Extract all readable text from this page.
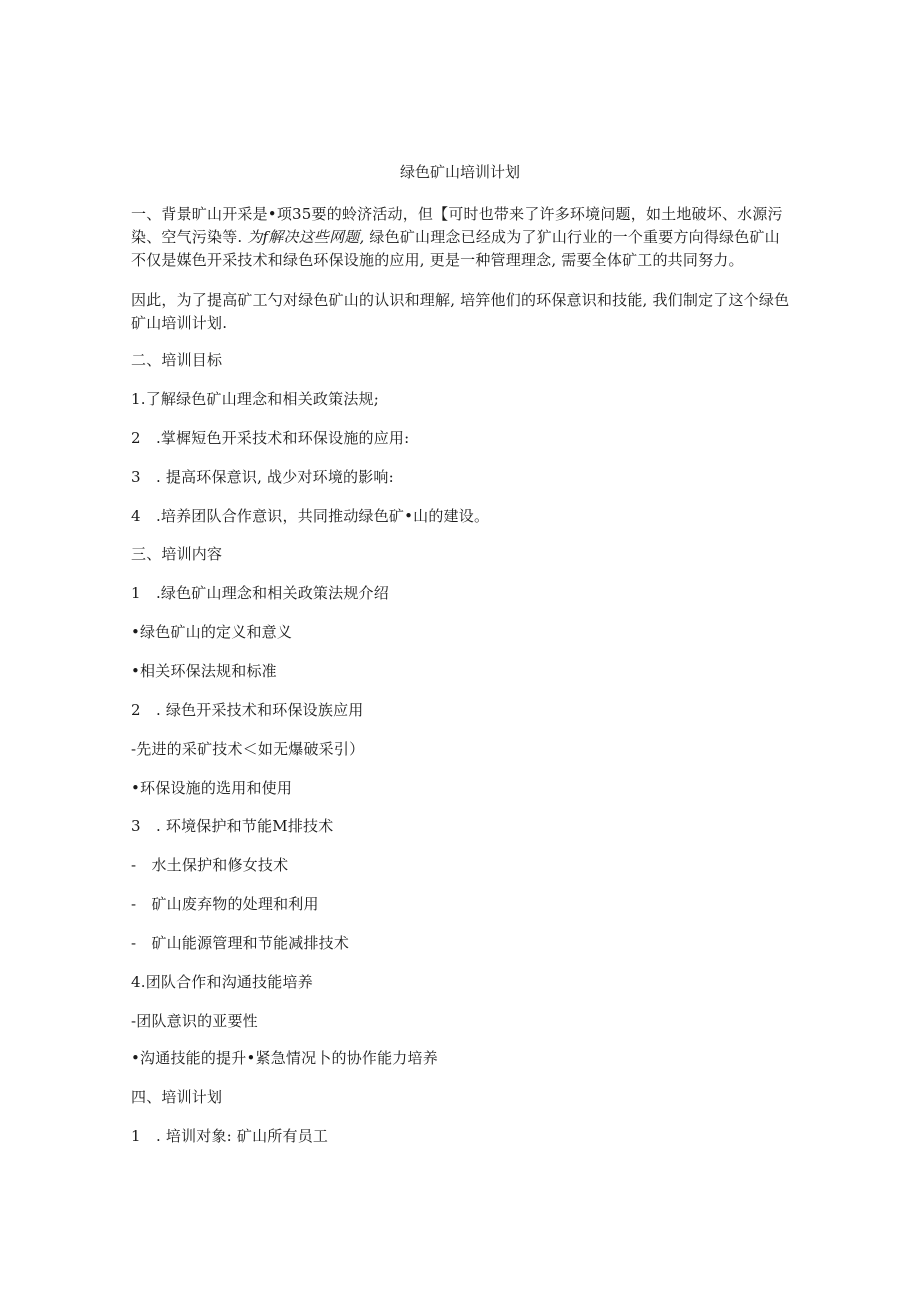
绿色矿山培训计划

一、背景旷山开采是•项35要的蛉济活动，但【可时也带来了许多环境问题，如土地破坏、水源污染、空气污染等. 为f解决这些网题, 绿色矿山理念已经成为了犷山行业的一个重要方向得绿色矿山不仅是媒色开采技术和绿色环保设施的应用, 更是一种管理理念, 需要全体矿工的共同努力。

因此，为了提高矿工勺对绿色矿山的认识和理解, 培笄他们的环保意识和技能, 我们制定了这个绿色矿山培训计划.

二、培训目标

1.了解绿色矿山理念和相关政策法规;

2　.掌樨短色开采技术和环保设施的应用:

3　. 提高环保意识, 战少对环境的影响:

4　.培养团队合作意识，共同推动绿色矿•山的建设。

三、培训内容

1　.绿色矿山理念和相关政策法规介绍

•绿色矿山的定义和意义

•相关环保法规和标准

2　. 绿色开采技术和环保设族应用

-先进的采矿技术＜如无爆破采引）

•环保设施的选用和使用

3　. 环境保护和节能M排技术

-　水土保护和修女技术

-　矿山废弃物的处理和利用

-　矿山能源管理和节能减排技术

4.团队合作和沟通技能培养

-团队意识的亚要性

•沟通技能的提升•紧急情况卜的协作能力培养

四、培训计划

1　. 培训对象: 矿山所有员工
